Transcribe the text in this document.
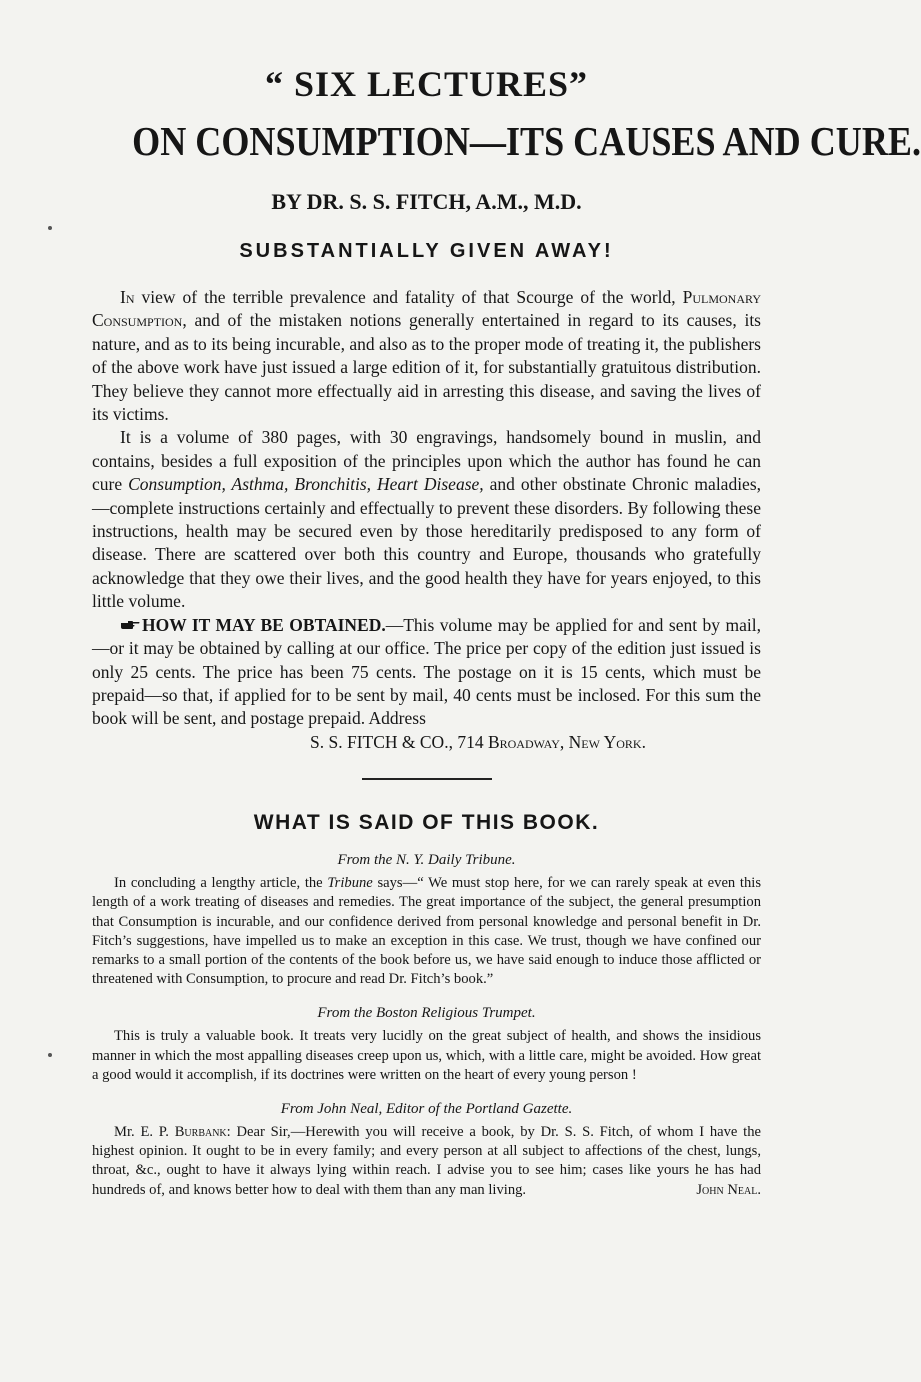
“ SIX LECTURES”
ON CONSUMPTION—ITS CAUSES AND CURE.
BY DR. S. S. FITCH, A.M., M.D.
SUBSTANTIALLY GIVEN AWAY!

In view of the terrible prevalence and fatality of that Scourge of the world, Pulmonary Consumption, and of the mistaken notions generally entertained in regard to its causes, its nature, and as to its being incurable, and also as to the proper mode of treating it, the publishers of the above work have just issued a large edition of it, for substantially gratuitous distribution. They believe they cannot more effectually aid in arresting this disease, and saving the lives of its victims.

It is a volume of 380 pages, with 30 engravings, handsomely bound in muslin, and contains, besides a full exposition of the principles upon which the author has found he can cure Consumption, Asthma, Bronchitis, Heart Disease, and other obstinate Chronic maladies,—complete instructions certainly and effectually to prevent these disorders. By following these instructions, health may be secured even by those hereditarily predisposed to any form of disease. There are scattered over both this country and Europe, thousands who gratefully acknowledge that they owe their lives, and the good health they have for years enjoyed, to this little volume.

HOW IT MAY BE OBTAINED.—This volume may be applied for and sent by mail,—or it may be obtained by calling at our office. The price per copy of the edition just issued is only 25 cents. The price has been 75 cents. The postage on it is 15 cents, which must be prepaid—so that, if applied for to be sent by mail, 40 cents must be inclosed. For this sum the book will be sent, and postage prepaid. Address

S. S. FITCH & CO., 714 Broadway, New York.

WHAT IS SAID OF THIS BOOK.
From the N. Y. Daily Tribune.

In concluding a lengthy article, the Tribune says—“ We must stop here, for we can rarely speak at even this length of a work treating of diseases and remedies. The great importance of the subject, the general presumption that Consumption is incurable, and our confidence derived from personal knowledge and personal benefit in Dr. Fitch’s suggestions, have impelled us to make an exception in this case. We trust, though we have confined our remarks to a small portion of the contents of the book before us, we have said enough to induce those afflicted or threatened with Consumption, to procure and read Dr. Fitch’s book.”

From the Boston Religious Trumpet.

This is truly a valuable book. It treats very lucidly on the great subject of health, and shows the insidious manner in which the most appalling diseases creep upon us, which, with a little care, might be avoided. How great a good would it accomplish, if its doctrines were written on the heart of every young person !

From John Neal, Editor of the Portland Gazette.

Mr. E. P. Burbank: Dear Sir,—Herewith you will receive a book, by Dr. S. S. Fitch, of whom I have the highest opinion. It ought to be in every family; and every person at all subject to affections of the chest, lungs, throat, &c., ought to have it always lying within reach. I advise you to see him; cases like yours he has had hundreds of, and knows better how to deal with them than any man living.	John Neal.
